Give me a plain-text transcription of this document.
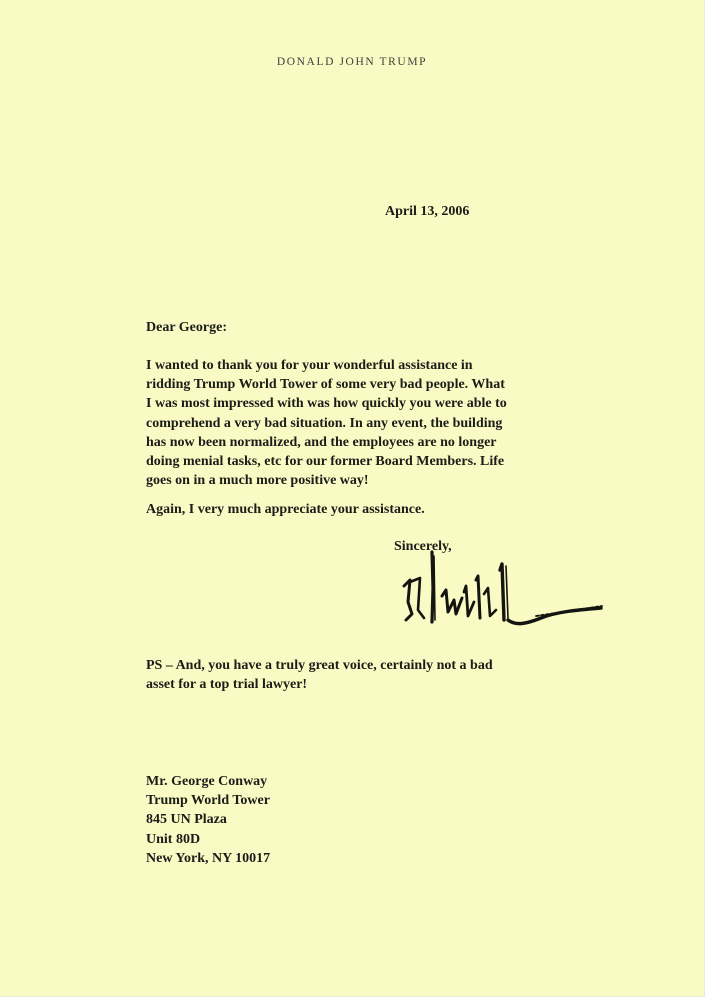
DONALD JOHN TRUMP
April 13, 2006
Dear George:
I wanted to thank you for your wonderful assistance in
ridding Trump World Tower of some very bad people. What
I was most impressed with was how quickly you were able to
comprehend a very bad situation. In any event, the building
has now been normalized, and the employees are no longer
doing menial tasks, etc for our former Board Members. Life
goes on in a much more positive way!
Again, I very much appreciate your assistance.
Sincerely,
PS – And, you have a truly great voice, certainly not a bad
asset for a top trial lawyer!
Mr. George Conway
Trump World Tower
845 UN Plaza
Unit 80D
New York, NY 10017
